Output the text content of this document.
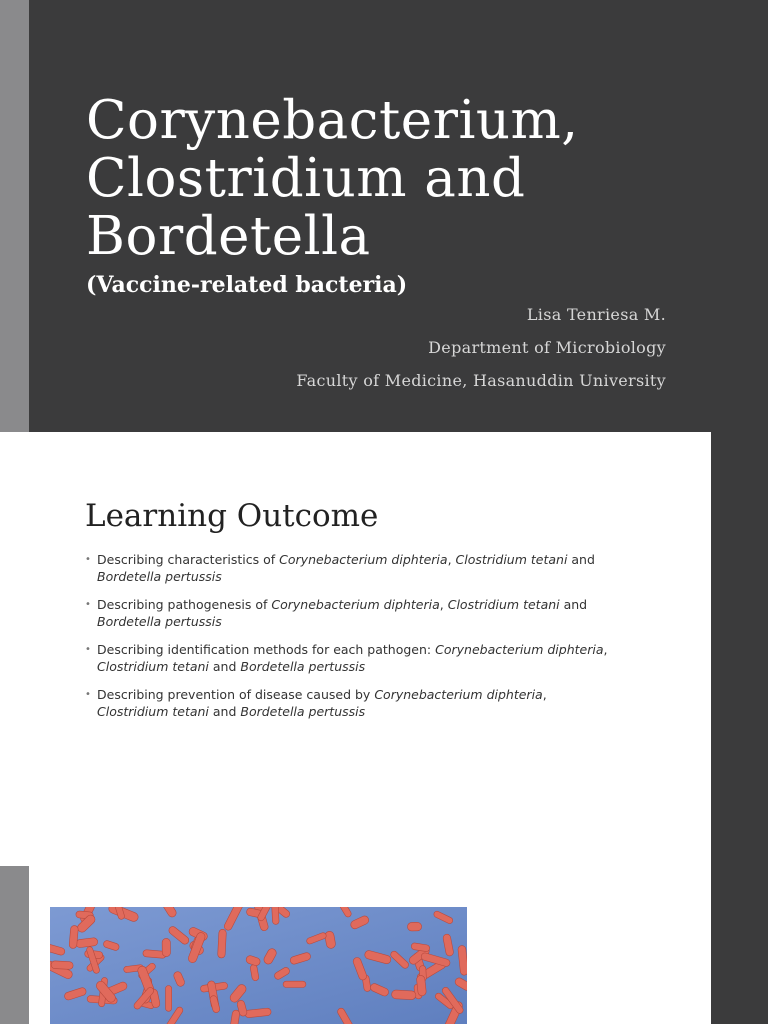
Corynebacterium, Clostridium and Bordetella

(Vaccine-related bacteria)

Lisa Tenriesa M.
Department of Microbiology
Faculty of Medicine, Hasanuddin University
Learning Outcome
• Describing characteristics of Corynebacterium diphteria, Clostridium tetani and Bordetella pertussis
• Describing pathogenesis of Corynebacterium diphteria, Clostridium tetani and Bordetella pertussis
• Describing identification methods for each pathogen: Corynebacterium diphteria, Clostridium tetani and Bordetella pertussis
• Describing prevention of disease caused by Corynebacterium diphteria, Clostridium tetani and Bordetella pertussis
